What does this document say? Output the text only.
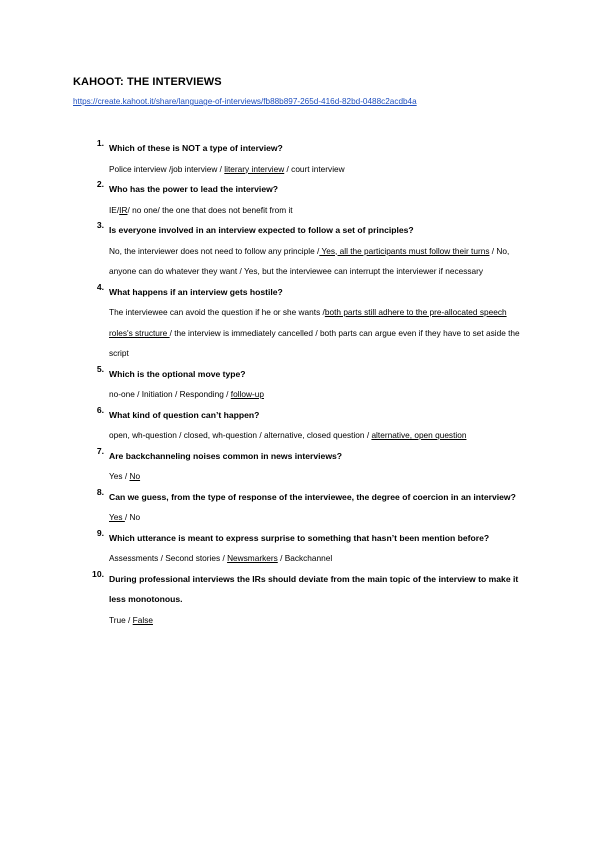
KAHOOT: THE INTERVIEWS
https://create.kahoot.it/share/language-of-interviews/fb88b897-265d-416d-82bd-0488c2acdb4a
1. Which of these is NOT a type of interview?
Police interview /job interview / literary interview / court interview
2. Who has the power to lead the interview?
IE/IR/ no one/ the one that does not benefit from it
3. Is everyone involved in an interview expected to follow a set of principles?
No, the interviewer does not need to follow any principle / Yes, all the participants must follow their turns / No, anyone can do whatever they want / Yes, but the interviewee can interrupt the interviewer if necessary
4. What happens if an interview gets hostile?
The interviewee can avoid the question if he or she wants /both parts still adhere to the pre-allocated speech roles's structure / the interview is immediately cancelled / both parts can argue even if they have to set aside the script
5. Which is the optional move type?
no-one / Initiation / Responding / follow-up
6. What kind of question can’t happen?
open, wh-question / closed, wh-question / alternative, closed question / alternative, open question
7. Are backchanneling noises common in news interviews?
Yes / No
8. Can we guess, from the type of response of the interviewee, the degree of coercion in an interview?
Yes / No
9. Which utterance is meant to express surprise to something that hasn’t been mention before?
Assessments / Second stories / Newsmarkers / Backchannel
10. During professional interviews the IRs should deviate from the main topic of the interview to make it less monotonous.
True / False
